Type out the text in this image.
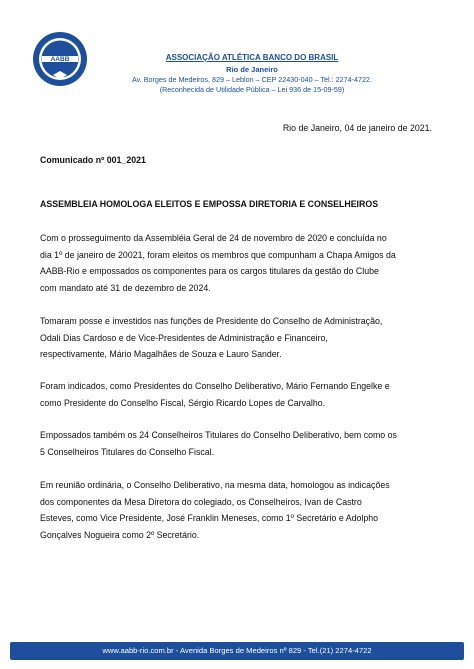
AABB	ASSOCIAÇÃO ATLÉTICA BANCO DO BRASIL
Rio de Janeiro
Av. Borges de Medeiros, 829 – Leblon – CEP 22430-040 – Tel.: 2274-4722.
(Reconhecida de Utilidade Pública – Lei 936 de 15-09-59)
Rio de Janeiro, 04 de janeiro de 2021.
Comunicado nº 001_2021
ASSEMBLEIA HOMOLOGA ELEITOS E EMPOSSA DIRETORIA E CONSELHEIROS
Com o prosseguimento da Assembléia Geral de 24 de novembro de 2020 e concluída no
dia 1º de janeiro de 20021, foram eleitos os membros que compunham a Chapa Amigos da
AABB-Rio e empossados os componentes para os cargos titulares da gestão do Clube
com mandato até 31 de dezembro de 2024.
Tomaram posse e investidos nas funções de Presidente do Conselho de Administração,
Odali Dias Cardoso e de Vice-Presidentes de Administração e Financeiro,
respectivamente, Mário Magalhães de Souza e Lauro Sander.
Foram indicados, como Presidentes do Conselho Deliberativo, Mário Fernando Engelke e
como Presidente do Conselho Fiscal, Sérgio Ricardo Lopes de Carvalho.
Empossados também os 24 Conselheiros Titulares do Conselho Deliberativo, bem como os
5 Conselheiros Titulares do Conselho Fiscal.
Em reunião ordinária, o Conselho Deliberativo, na mesma data, homologou as indicações
dos componentes da Mesa Diretora do colegiado, os Conselheiros, Ivan de Castro
Esteves, como Vice Presidente, José Franklin Meneses, como 1º Secretário e Adolpho
Gonçalves Nogueira como 2º Secretário.
www.aabb-rio.com.br - Avenida Borges de Medeiros nº 829 - Tel.(21) 2274-4722
